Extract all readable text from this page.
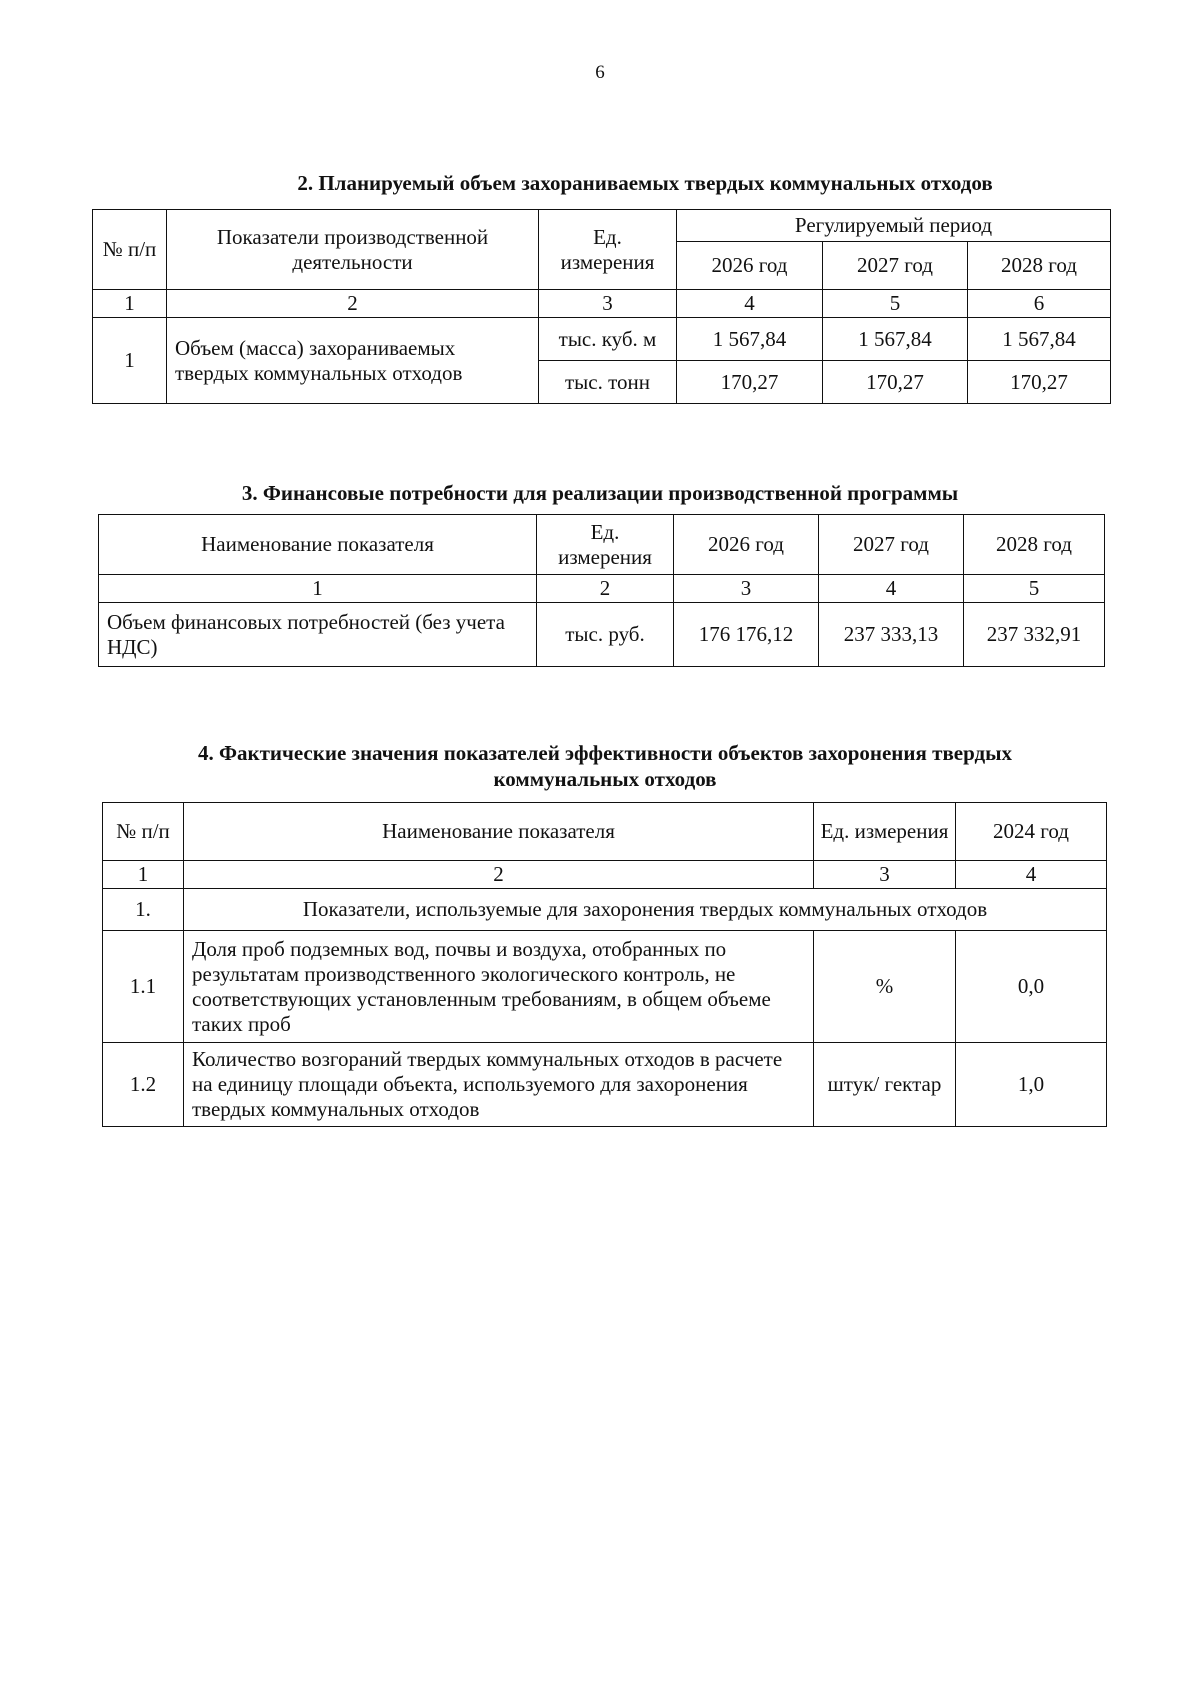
6
2. Планируемый объем захораниваемых твердых коммунальных отходов
№ п/п	Показатели производственной деятельности	Ед. измерения	Регулируемый период		
			2026 год	2027 год	2028 год
1	2	3	4	5	6
1	Объем (масса) захораниваемых твердых коммунальных отходов	тыс. куб. м	1 567,84	1 567,84	1 567,84
		тыс. тонн	170,27	170,27	170,27
3. Финансовые потребности для реализации производственной программы
Наименование показателя	Ед. измерения	2026 год	2027 год	2028 год
1	2	3	4	5
Объем финансовых потребностей (без учета НДС)	тыс. руб.	176 176,12	237 333,13	237 332,91
4. Фактические значения показателей эффективности объектов захоронения твердых коммунальных отходов
№ п/п	Наименование показателя	Ед. измерения	2024 год
1	2	3	4
1.	Показатели, используемые для захоронения твердых коммунальных отходов		
1.1	Доля проб подземных вод, почвы и воздуха, отобранных по результатам производственного экологического контроль, не соответствующих установленным требованиям, в общем объеме таких проб	%	0,0
1.2	Количество возгораний твердых коммунальных отходов в расчете на единицу площади объекта, используемого для захоронения твердых коммунальных отходов	штук/ гектар	1,0
